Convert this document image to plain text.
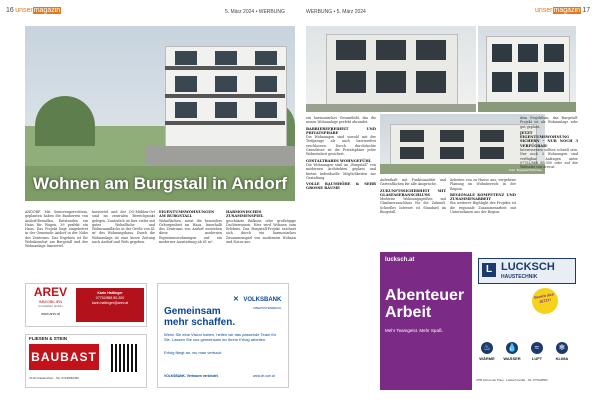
16 unsermagazin	5. März 2024 • WERBUNG
Wohnen am Burgstall in Andorf

ANDORF. Mit Seniorengerechtem, geplanten haben die Bauherren von Andorf-Berndlau. Entstanden ein Haus für Wagen, 39 perfekt ein Haus. Das Projekt liegt eingebettet in der Gemeinde Andorf in der Nähe des Zentrums. Das Ergebnis ist Ihr Wohnkomfort am Burgstall und der Wohnanlage Innviertel.

Innviertel und der OÖ-Mühlen-Ort sind im zentralen Bereichpunkt gelegen. Zusätzlich ist hier vieles mit guter Wohnfläche und Wohnraumfläche in der Größe von 41 m² des Wohnungsbaus. Durch die Wohnanlage ist eine kurze Zeitung nach Andorf und Wels gegeben.

EIGENTUMSWOHNUNGEN AM BURGSTALL

Wohnflächen, sonst die besonders Geborgenheit im Haus. Innerhalb des Zentrums von Andorf entstehen diese modernen Eigentumswohnungen auf ein moderner Ausstattung ab 61 m².

HARMONISCHES ZUSAMMENSPIEL

geschützte Balkone oder großzügige Dachterrassen. Hier wird Wohnen zum Erlebnis. Das Burgstall-Projekt zeichnet sich durch ein harmonisches Zusammenspiel von modernem Wohnen und Natur aus.

AREV
IMMOBILIEN
Immobilien GmbH
www.arev.at
Karin Hattinger
07752/888 85-300
karin.hattinger@arev.at
FLIESEN & STEIN
BAUBAST
4710 Grieskirchen · Tel. 07248/62362
✕ VOLKSBANK
OBERÖSTERREICH
Gemeinsam
mehr schaffen.
Wenn Sie eine Vision haben, helfen wir das passende Team für Sie. Lassen Sie uns gemeinsam an Ihrem Erfolg arbeiten.
Erfolg fängt an, wo man vertraut.
VOLKSBANK. Vertrauen verbindet.	www.vb-ooe.at
WERBUNG • 5. März 2024	unsermagazin 17
Foto: Burgstall Wohnbau

ein harmonisches Gesamtbild, das die neuen Wohnanlage perfekt abrundet.

BARRIEREFREIHEIT UND PRIVATSPHÄRE

Die Wohnungen sind sowohl mit der Tiefgarage als auch barrierefrei erschlossen. Durch durchdachte Grundrisse ist die Privatsphäre jeder Wohneinheit gesichert.

GESTALTBARES WOHNGEFÜHL

Die Wohnungen sind im „Burgstall“ von modernen Architekten geplant und bieten individuelle Möglichkeiten zur Gestaltung.

VOLLE RAUMHÖHE & SEHR GROSSE RÄUME

Aufenthalt mit Funktionalität und Gartenflächen für alle Ansprüche.

ZUKUNFTSSICHERHEIT MIT GLASFASERANSCHLUSS

Moderne Wohnungsgrößen mit Glasfaseranschluss für die Zukunft. Schnelles Internet ist Standard im Burgstall.

Arbeiten von zu Hause aus, vergebene Planung im Wohnbereich in der Region.

REGIONALE KOMPETENZ UND ZUSAMMENARBEIT

Ein weiterer Highlight des Projekts ist die regionale Zusammenarbeit mit Unternehmen aus der Region.

dem Projektbau, das Burgstall-Projekt ist als Wohnanlage sehr gut geplant.

JETZT EIGENTUMSWOHNUNG SICHERN – NUR NOCH 3 VERFÜGBAR!

Interessenten sollten schnell sein. Nur noch 3 Wohnungen sind verfügbar. Anfragen unter 07752/888 85-300 oder auf der Webseite von arev.at.

lucksch.at
Abenteuer
Arbeit
Mehr Teamgeist. Mehr Spaß.
L LUCKSCH
HAUSTECHNIK
Bewirb dich JETZT!
♨
WÄRME
💧
WASSER
≈
LUFT
❄
KLIMA
4755 Zell an der Pram · Lucksch GmbH · Tel. 07764/8600
